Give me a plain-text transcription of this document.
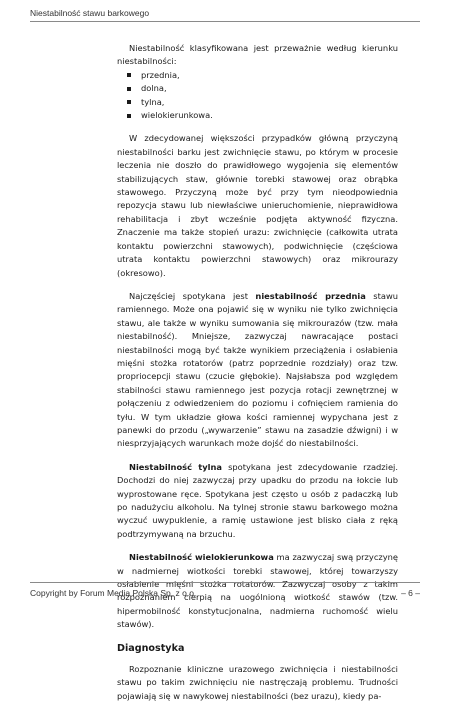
Niestabilność stawu barkowego

Niestabilność klasyfikowana jest przeważnie według kierunku niestabilności:

przednia,
dolna,
tylna,
wielokierunkowa.

W zdecydowanej większości przypadków główną przyczyną niestabilności barku jest zwichnięcie stawu, po którym w procesie leczenia nie doszło do prawidłowego wygojenia się elementów stabilizujących staw, głównie torebki stawowej oraz obrąbka stawowego. Przyczyną może być przy tym nieodpowiednia repozycja stawu lub niewłaściwe unieruchomienie, nieprawidłowa rehabilitacja i zbyt wcześnie podjęta aktywność fizyczna. Znaczenie ma także stopień urazu: zwichnięcie (całkowita utrata kontaktu powierzchni stawowych), podwichnięcie (częściowa utrata kontaktu powierzchni stawowych) oraz mikrourazy (okresowo).

Najczęściej spotykana jest niestabilność przednia stawu ramiennego. Może ona pojawić się w wyniku nie tylko zwichnięcia stawu, ale także w wyniku sumowania się mikrourazów (tzw. mała niestabilność). Mniejsze, zazwyczaj nawracające postaci niestabilności mogą być także wynikiem przeciążenia i osłabienia mięśni stożka rotatorów (patrz poprzednie rozdziały) oraz tzw. propriocepcji stawu (czucie głębokie). Najsłabsza pod względem stabilności stawu ramiennego jest pozycja rotacji zewnętrznej w połączeniu z odwiedzeniem do poziomu i cofnięciem ramienia do tyłu. W tym układzie głowa kości ramiennej wypychana jest z panewki do przodu („wywarzenie” stawu na zasadzie dźwigni) i w niesprzyjających warunkach może dojść do niestabilności.

Niestabilność tylna spotykana jest zdecydowanie rzadziej. Dochodzi do niej zazwyczaj przy upadku do przodu na łokcie lub wyprostowane ręce. Spotykana jest często u osób z padaczką lub po nadużyciu alkoholu. Na tylnej stronie stawu barkowego można wyczuć uwypuklenie, a ramię ustawione jest blisko ciała z ręką podtrzymywaną na brzuchu.

Niestabilność wielokierunkowa ma zazwyczaj swą przyczynę w nadmiernej wiotkości torebki stawowej, której towarzyszy osłabienie mięśni stożka rotatorów. Zazwyczaj osoby z takim rozpoznaniem cierpią na uogólnioną wiotkość stawów (tzw. hipermobilność konstytucjonalna, nadmierna ruchomość wielu stawów).

Diagnostyka

Rozpoznanie kliniczne urazowego zwichnięcia i niestabilności stawu po takim zwichnięciu nie nastręczają problemu. Trudności pojawiają się w nawykowej niestabilności (bez urazu), kiedy pa-

Copyright by Forum Media Polska Sp. z o.o.	– 6 –
